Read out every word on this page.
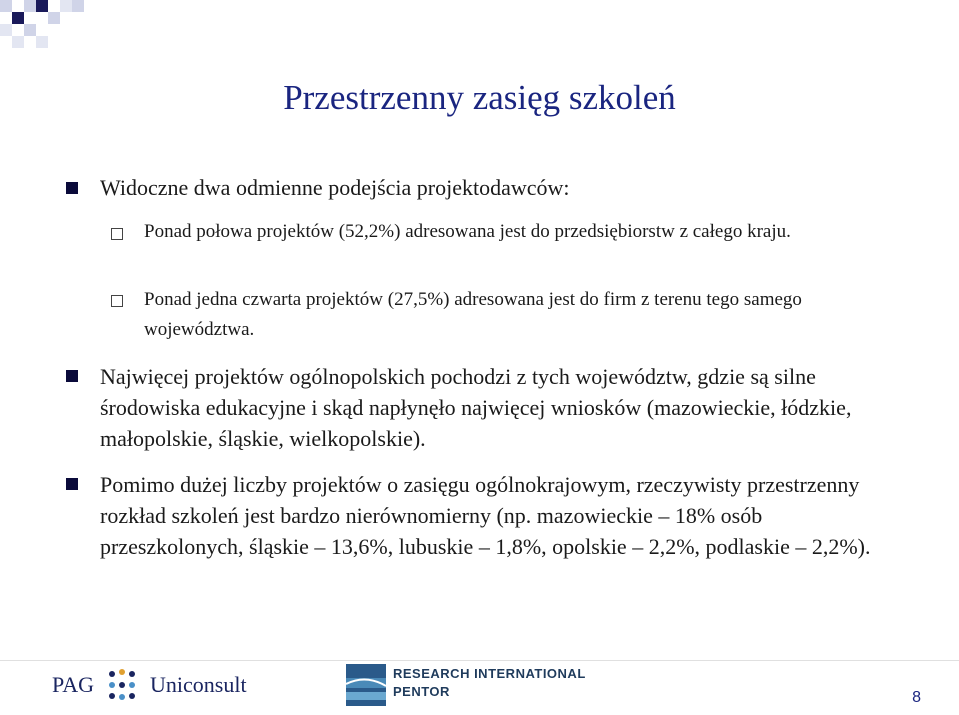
Przestrzenny zasięg szkoleń
Widoczne dwa odmienne podejścia projektodawców:
Ponad połowa projektów (52,2%) adresowana jest do przedsiębiorstw z całego kraju.
Ponad jedna czwarta projektów (27,5%) adresowana jest do firm z terenu tego samego województwa.
Najwięcej projektów ogólnopolskich pochodzi z tych województw, gdzie są silne środowiska edukacyjne i skąd napłynęło najwięcej wniosków (mazowieckie, łódzkie, małopolskie, śląskie, wielkopolskie).
Pomimo dużej liczby projektów o zasięgu ogólnokrajowym, rzeczywisty przestrzenny rozkład szkoleń jest bardzo nierównomierny (np. mazowieckie – 18% osób przeszkolonych, śląskie – 13,6%, lubuskie – 1,8%, opolskie – 2,2%, podlaskie – 2,2%).
PAG	Uniconsult	RESEARCH INTERNATIONAL
PENTOR	8
